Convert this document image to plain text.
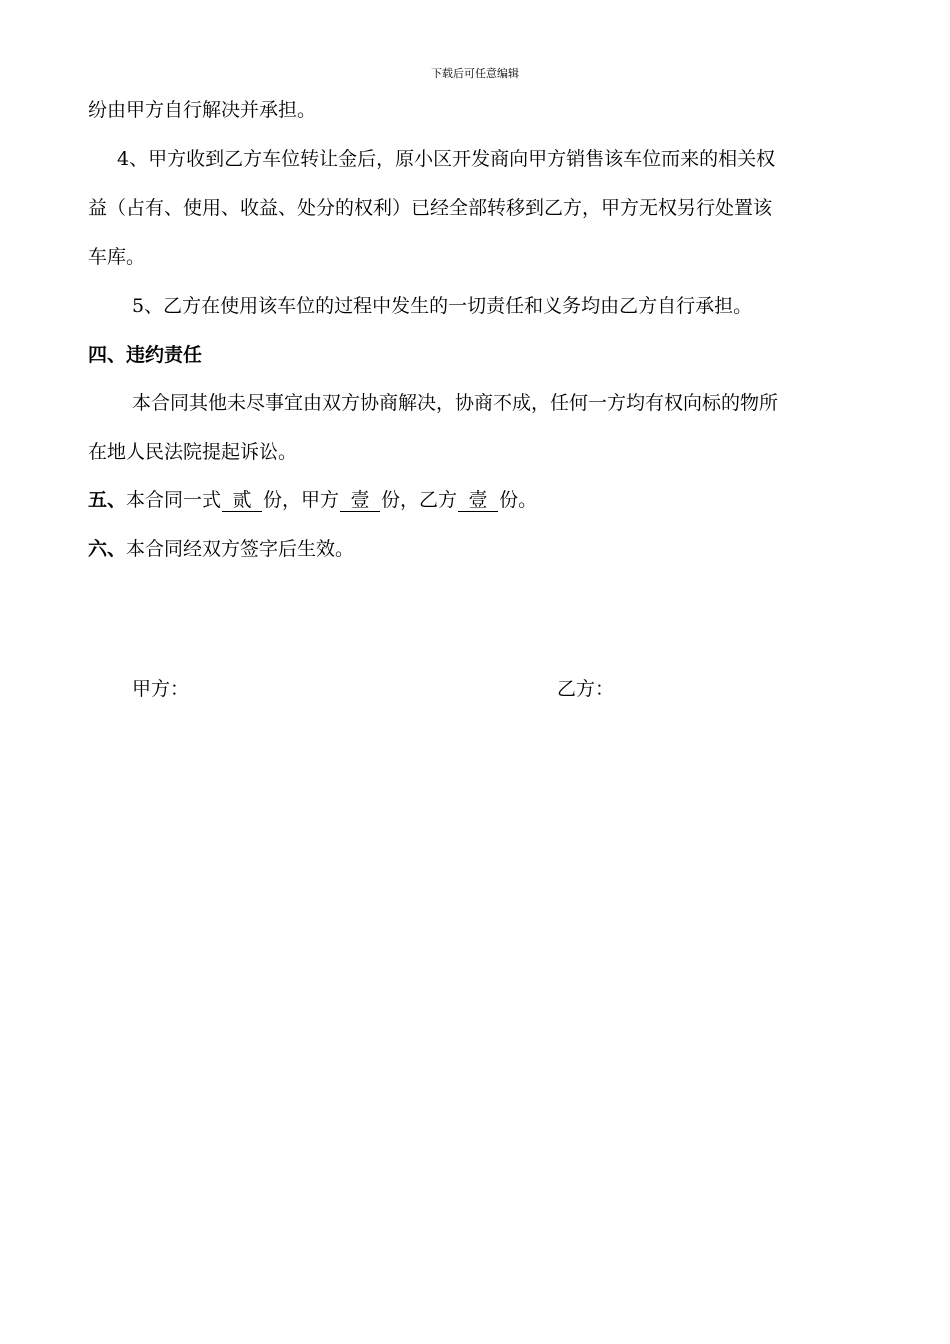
下载后可任意编辑
纷由甲方自行解决并承担。
4、甲方收到乙方车位转让金后，原小区开发商向甲方销售该车位而来的相关权
益（占有、使用、收益、处分的权利）已经全部转移到乙方，甲方无权另行处置该
车库。
5、乙方在使用该车位的过程中发生的一切责任和义务均由乙方自行承担。
四、违约责任
本合同其他未尽事宜由双方协商解决，协商不成，任何一方均有权向标的物所
在地人民法院提起诉讼。
五、本合同一式 贰 份，甲方 壹 份，乙方 壹 份。
六、本合同经双方签字后生效。
甲方：	乙方：
